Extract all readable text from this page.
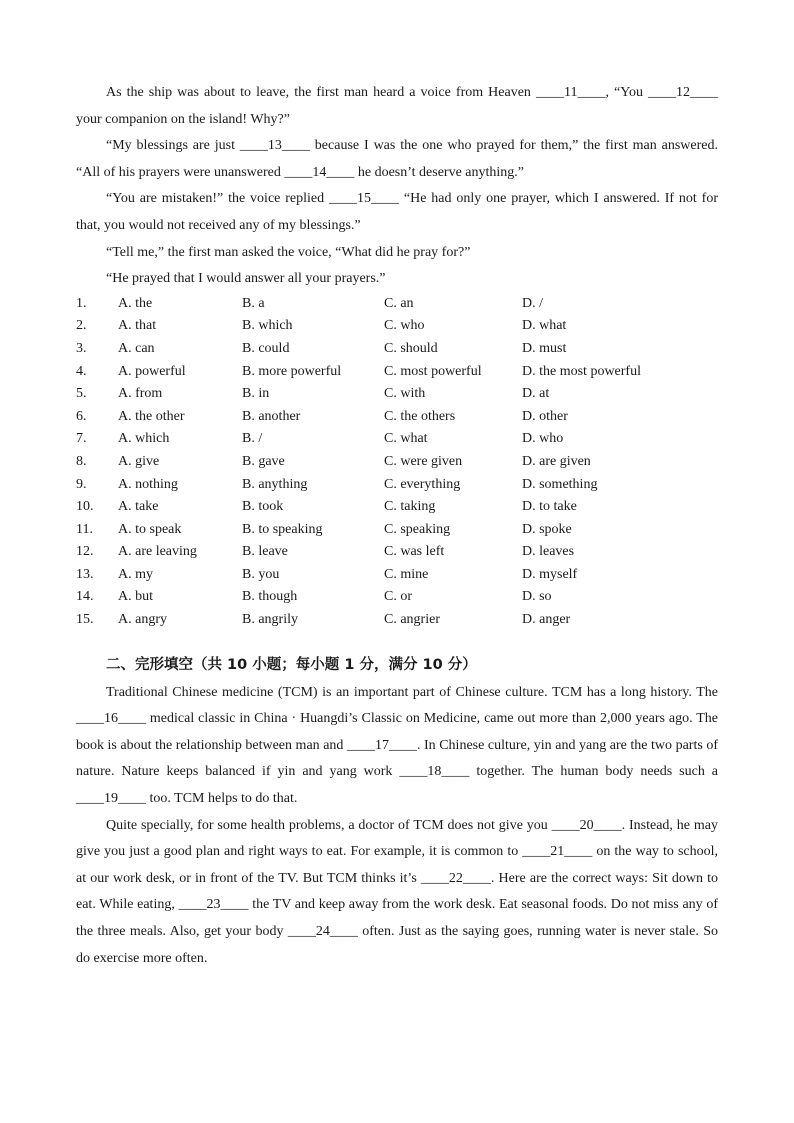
As the ship was about to leave, the first man heard a voice from Heaven ____11____, “You ____12____ your companion on the island! Why?”

“My blessings are just ____13____ because I was the one who prayed for them,” the first man answered. “All of his prayers were unanswered ____14____ he doesn’t deserve anything.”

“You are mistaken!” the voice replied ____15____ “He had only one prayer, which I answered. If not for that, you would not received any of my blessings.”

“Tell me,” the first man asked the voice, “What did he pray for?”

“He prayed that I would answer all your prayers.”

1.	A. the	B. a	C. an	D. /
2.	A. that	B. which	C. who	D. what
3.	A. can	B. could	C. should	D. must
4.	A. powerful	B. more powerful	C. most powerful	D. the most powerful
5.	A. from	B. in	C. with	D. at
6.	A. the other	B. another	C. the others	D. other
7.	A. which	B. /	C. what	D. who
8.	A. give	B. gave	C. were given	D. are given
9.	A. nothing	B. anything	C. everything	D. something
10.	A. take	B. took	C. taking	D. to take
11.	A. to speak	B. to speaking	C. speaking	D. spoke
12.	A. are leaving	B. leave	C. was left	D. leaves
13.	A. my	B. you	C. mine	D. myself
14.	A. but	B. though	C. or	D. so
15.	A. angry	B. angrily	C. angrier	D. anger
二、完形填空（共 10 小题；每小题 1 分，满分 10 分）

Traditional Chinese medicine (TCM) is an important part of Chinese culture. TCM has a long history. The ____16____ medical classic in China · Huangdi’s Classic on Medicine, came out more than 2,000 years ago. The book is about the relationship between man and ____17____. In Chinese culture, yin and yang are the two parts of nature. Nature keeps balanced if yin and yang work ____18____ together. The human body needs such a ____19____ too. TCM helps to do that.

Quite specially, for some health problems, a doctor of TCM does not give you ____20____. Instead, he may give you just a good plan and right ways to eat. For example, it is common to ____21____ on the way to school, at our work desk, or in front of the TV. But TCM thinks it’s ____22____. Here are the correct ways: Sit down to eat. While eating, ____23____ the TV and keep away from the work desk. Eat seasonal foods. Do not miss any of the three meals. Also, get your body ____24____ often. Just as the saying goes, running water is never stale. So do exercise more often.
